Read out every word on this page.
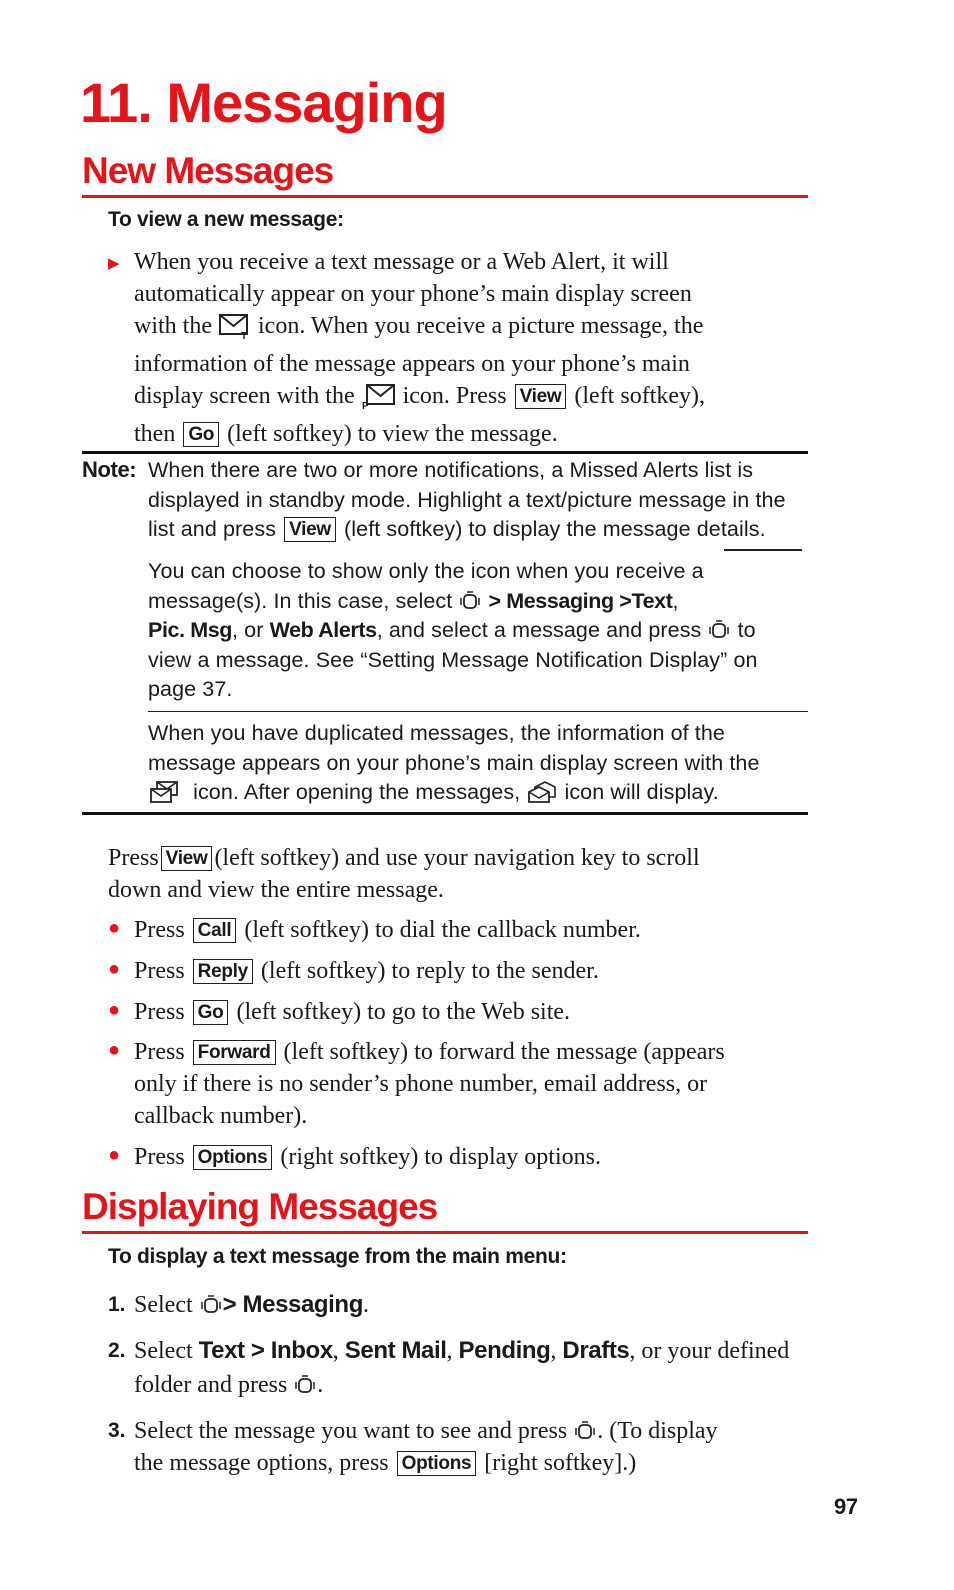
11. Messaging
New Messages
To view a new message:
▶ When you receive a text message or a Web Alert, it will
automatically appear on your phone’s main display screen
with the	T icon. When you receive a picture message, the
information of the message appears on your phone’s main
display screen with the P icon. Press View (left softkey),
then Go (left softkey) to view the message.
Note: When there are two or more notifications, a Missed Alerts list is
displayed in standby mode. Highlight a text/picture message in the
list and press View (left softkey) to display the message details.
You can choose to show only the icon when you receive a
message(s). In this case, select > Messaging >Text,
Pic. Msg, or Web Alerts, and select a message and press to
view a message. See “Setting Message Notification Display” on
page 37.
When you have duplicated messages, the information of the
message appears on your phone’s main display screen with the
icon. After opening the messages, icon will display.
Press View (left softkey) and use your navigation key to scroll
down and view the entire message.
● Press Call (left softkey) to dial the callback number.
● Press Reply (left softkey) to reply to the sender.
● Press Go (left softkey) to go to the Web site.
● Press Forward (left softkey) to forward the message (appears
only if there is no sender’s phone number, email address, or
callback number).
● Press Options (right softkey) to display options.
Displaying Messages
To display a text message from the main menu:
1. Select > Messaging.
2. Select Text > Inbox, Sent Mail, Pending, Drafts, or your defined
folder and press .
3. Select the message you want to see and press . (To display
the message options, press Options [right softkey].)
97
